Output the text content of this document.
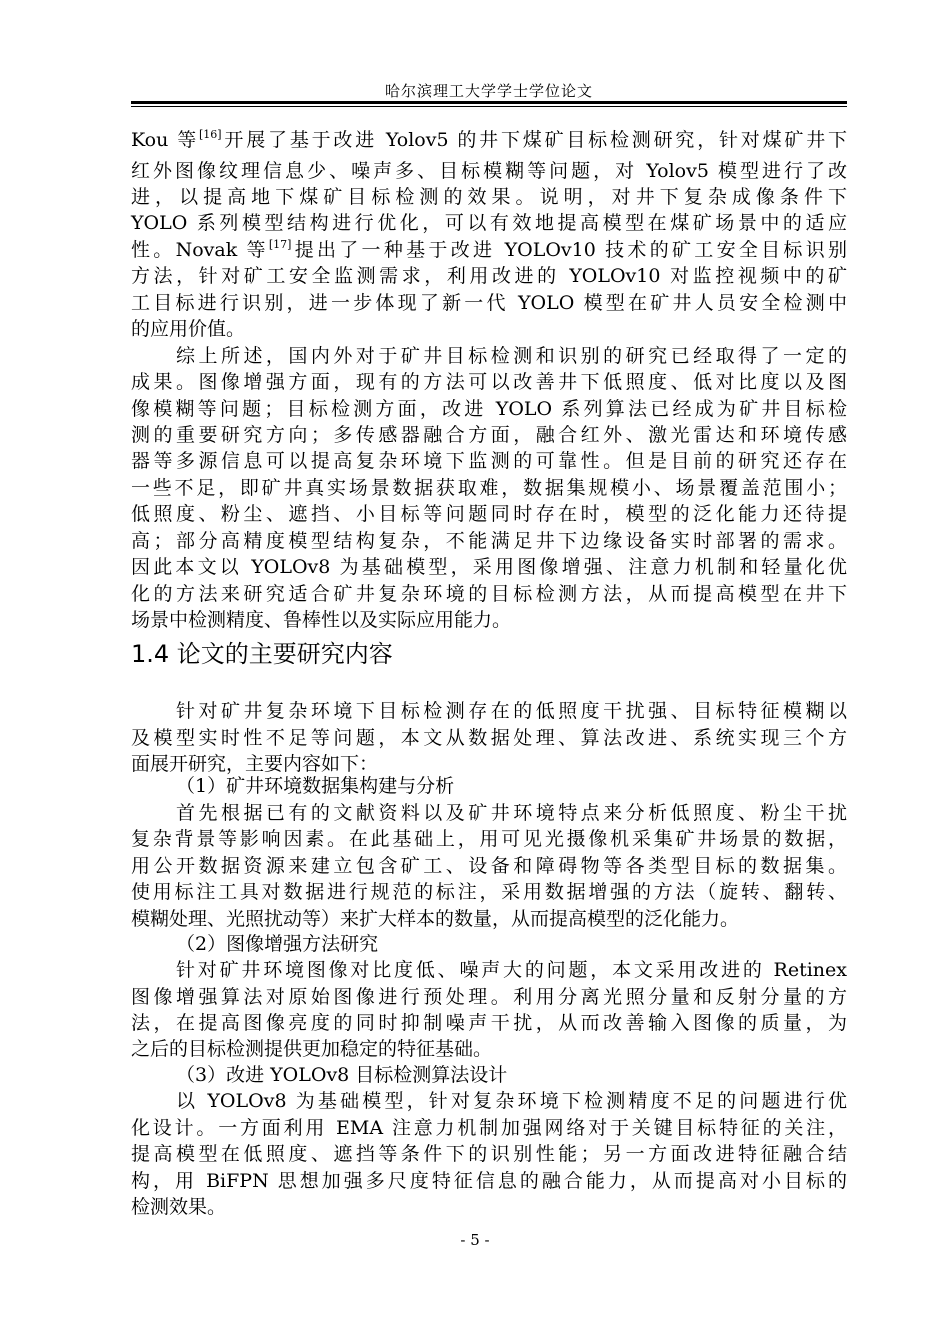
哈尔滨理工大学学士学位论文
Kou 等[16]开展了基于改进 Yolov5 的井下煤矿目标检测研究，针对煤矿井下
红外图像纹理信息少、噪声多、目标模糊等问题，对 Yolov5 模型进行了改
进，以提高地下煤矿目标检测的效果。说明，对井下复杂成像条件下
YOLO 系列模型结构进行优化，可以有效地提高模型在煤矿场景中的适应
性。Novak 等[17]提出了一种基于改进 YOLOv10 技术的矿工安全目标识别
方法，针对矿工安全监测需求，利用改进的 YOLOv10 对监控视频中的矿
工目标进行识别，进一步体现了新一代 YOLO 模型在矿井人员安全检测中
的应用价值。
综上所述，国内外对于矿井目标检测和识别的研究已经取得了一定的
成果。图像增强方面，现有的方法可以改善井下低照度、低对比度以及图
像模糊等问题；目标检测方面，改进 YOLO 系列算法已经成为矿井目标检
测的重要研究方向；多传感器融合方面，融合红外、激光雷达和环境传感
器等多源信息可以提高复杂环境下监测的可靠性。但是目前的研究还存在
一些不足，即矿井真实场景数据获取难，数据集规模小、场景覆盖范围小；
低照度、粉尘、遮挡、小目标等问题同时存在时，模型的泛化能力还待提
高；部分高精度模型结构复杂，不能满足井下边缘设备实时部署的需求。
因此本文以 YOLOv8 为基础模型，采用图像增强、注意力机制和轻量化优
化的方法来研究适合矿井复杂环境的目标检测方法，从而提高模型在井下
场景中检测精度、鲁棒性以及实际应用能力。
1.4 论文的主要研究内容
针对矿井复杂环境下目标检测存在的低照度干扰强、目标特征模糊以
及模型实时性不足等问题，本文从数据处理、算法改进、系统实现三个方
面展开研究，主要内容如下：
（1）矿井环境数据集构建与分析
首先根据已有的文献资料以及矿井环境特点来分析低照度、粉尘干扰
复杂背景等影响因素。在此基础上，用可见光摄像机采集矿井场景的数据，
用公开数据资源来建立包含矿工、设备和障碍物等各类型目标的数据集。
使用标注工具对数据进行规范的标注，采用数据增强的方法（旋转、翻转、
模糊处理、光照扰动等）来扩大样本的数量，从而提高模型的泛化能力。
（2）图像增强方法研究
针对矿井环境图像对比度低、噪声大的问题，本文采用改进的 Retinex
图像增强算法对原始图像进行预处理。利用分离光照分量和反射分量的方
法，在提高图像亮度的同时抑制噪声干扰，从而改善输入图像的质量，为
之后的目标检测提供更加稳定的特征基础。
（3）改进 YOLOv8 目标检测算法设计
以 YOLOv8 为基础模型，针对复杂环境下检测精度不足的问题进行优
化设计。一方面利用 EMA 注意力机制加强网络对于关键目标特征的关注，
提高模型在低照度、遮挡等条件下的识别性能；另一方面改进特征融合结
构，用 BiFPN 思想加强多尺度特征信息的融合能力，从而提高对小目标的
检测效果。
- 5 -
